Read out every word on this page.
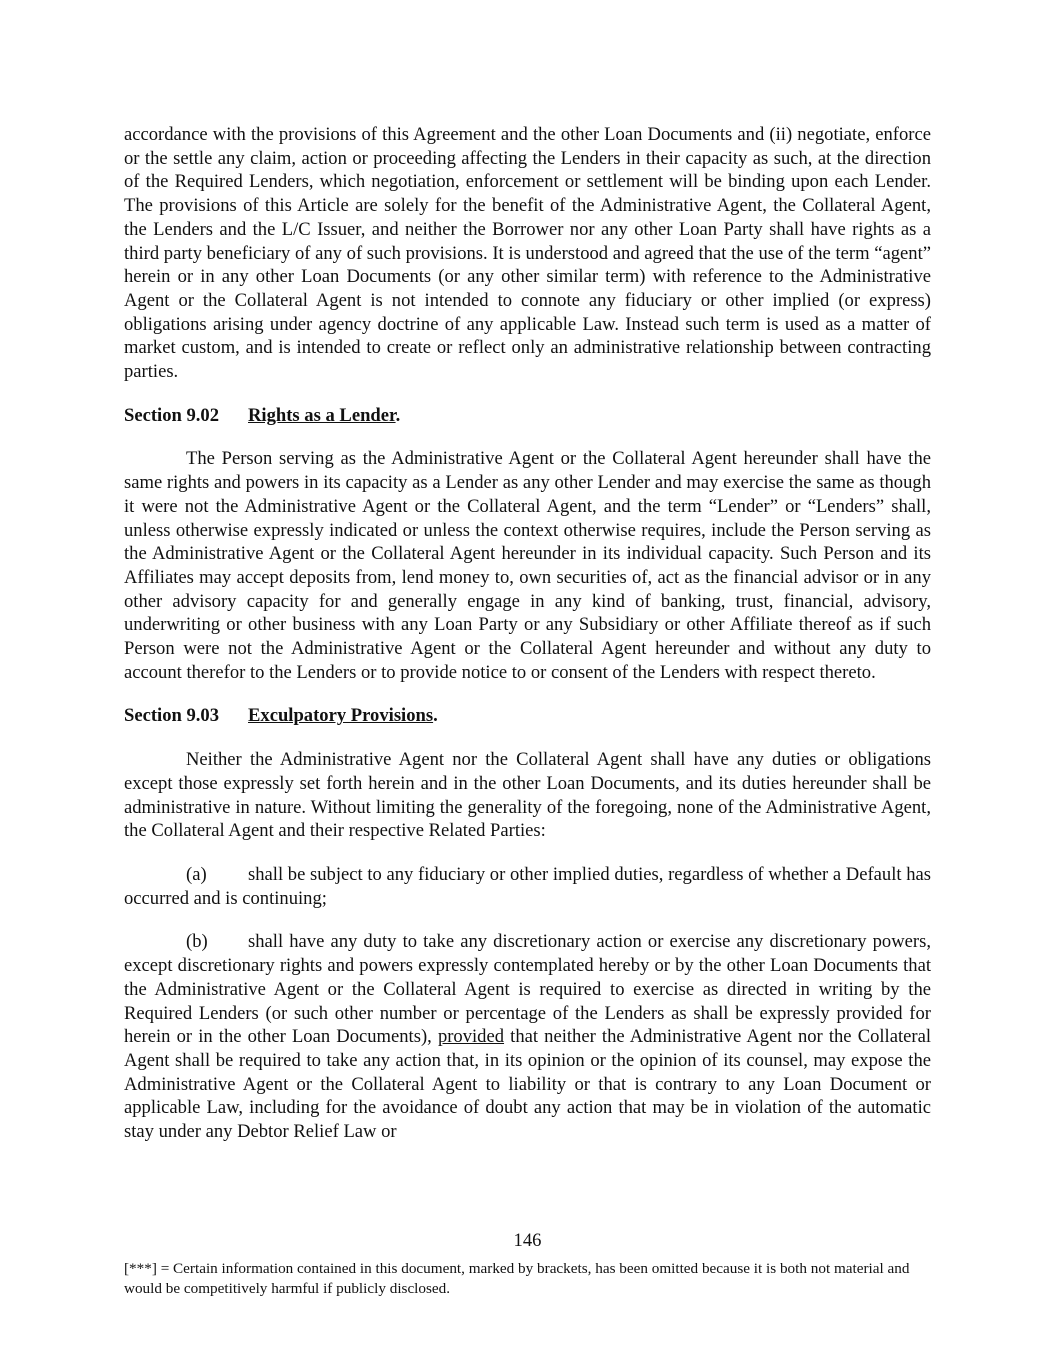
accordance with the provisions of this Agreement and the other Loan Documents and (ii) negotiate, enforce or the settle any claim, action or proceeding affecting the Lenders in their capacity as such, at the direction of the Required Lenders, which negotiation, enforcement or settlement will be binding upon each Lender. The provisions of this Article are solely for the benefit of the Administrative Agent, the Collateral Agent, the Lenders and the L/C Issuer, and neither the Borrower nor any other Loan Party shall have rights as a third party beneficiary of any of such provisions. It is understood and agreed that the use of the term “agent” herein or in any other Loan Documents (or any other similar term) with reference to the Administrative Agent or the Collateral Agent is not intended to connote any fiduciary or other implied (or express) obligations arising under agency doctrine of any applicable Law. Instead such term is used as a matter of market custom, and is intended to create or reflect only an administrative relationship between contracting parties.

Section 9.02 Rights as a Lender.

The Person serving as the Administrative Agent or the Collateral Agent hereunder shall have the same rights and powers in its capacity as a Lender as any other Lender and may exercise the same as though it were not the Administrative Agent or the Collateral Agent, and the term “Lender” or “Lenders” shall, unless otherwise expressly indicated or unless the context otherwise requires, include the Person serving as the Administrative Agent or the Collateral Agent hereunder in its individual capacity. Such Person and its Affiliates may accept deposits from, lend money to, own securities of, act as the financial advisor or in any other advisory capacity for and generally engage in any kind of banking, trust, financial, advisory, underwriting or other business with any Loan Party or any Subsidiary or other Affiliate thereof as if such Person were not the Administrative Agent or the Collateral Agent hereunder and without any duty to account therefor to the Lenders or to provide notice to or consent of the Lenders with respect thereto.

Section 9.03 Exculpatory Provisions.

Neither the Administrative Agent nor the Collateral Agent shall have any duties or obligations except those expressly set forth herein and in the other Loan Documents, and its duties hereunder shall be administrative in nature. Without limiting the generality of the foregoing, none of the Administrative Agent, the Collateral Agent and their respective Related Parties:

(a) shall be subject to any fiduciary or other implied duties, regardless of whether a Default has occurred and is continuing;

(b) shall have any duty to take any discretionary action or exercise any discretionary powers, except discretionary rights and powers expressly contemplated hereby or by the other Loan Documents that the Administrative Agent or the Collateral Agent is required to exercise as directed in writing by the Required Lenders (or such other number or percentage of the Lenders as shall be expressly provided for herein or in the other Loan Documents), provided that neither the Administrative Agent nor the Collateral Agent shall be required to take any action that, in its opinion or the opinion of its counsel, may expose the Administrative Agent or the Collateral Agent to liability or that is contrary to any Loan Document or applicable Law, including for the avoidance of doubt any action that may be in violation of the automatic stay under any Debtor Relief Law or

146
[***] = Certain information contained in this document, marked by brackets, has been omitted because it is both not material and would be competitively harmful if publicly disclosed.
